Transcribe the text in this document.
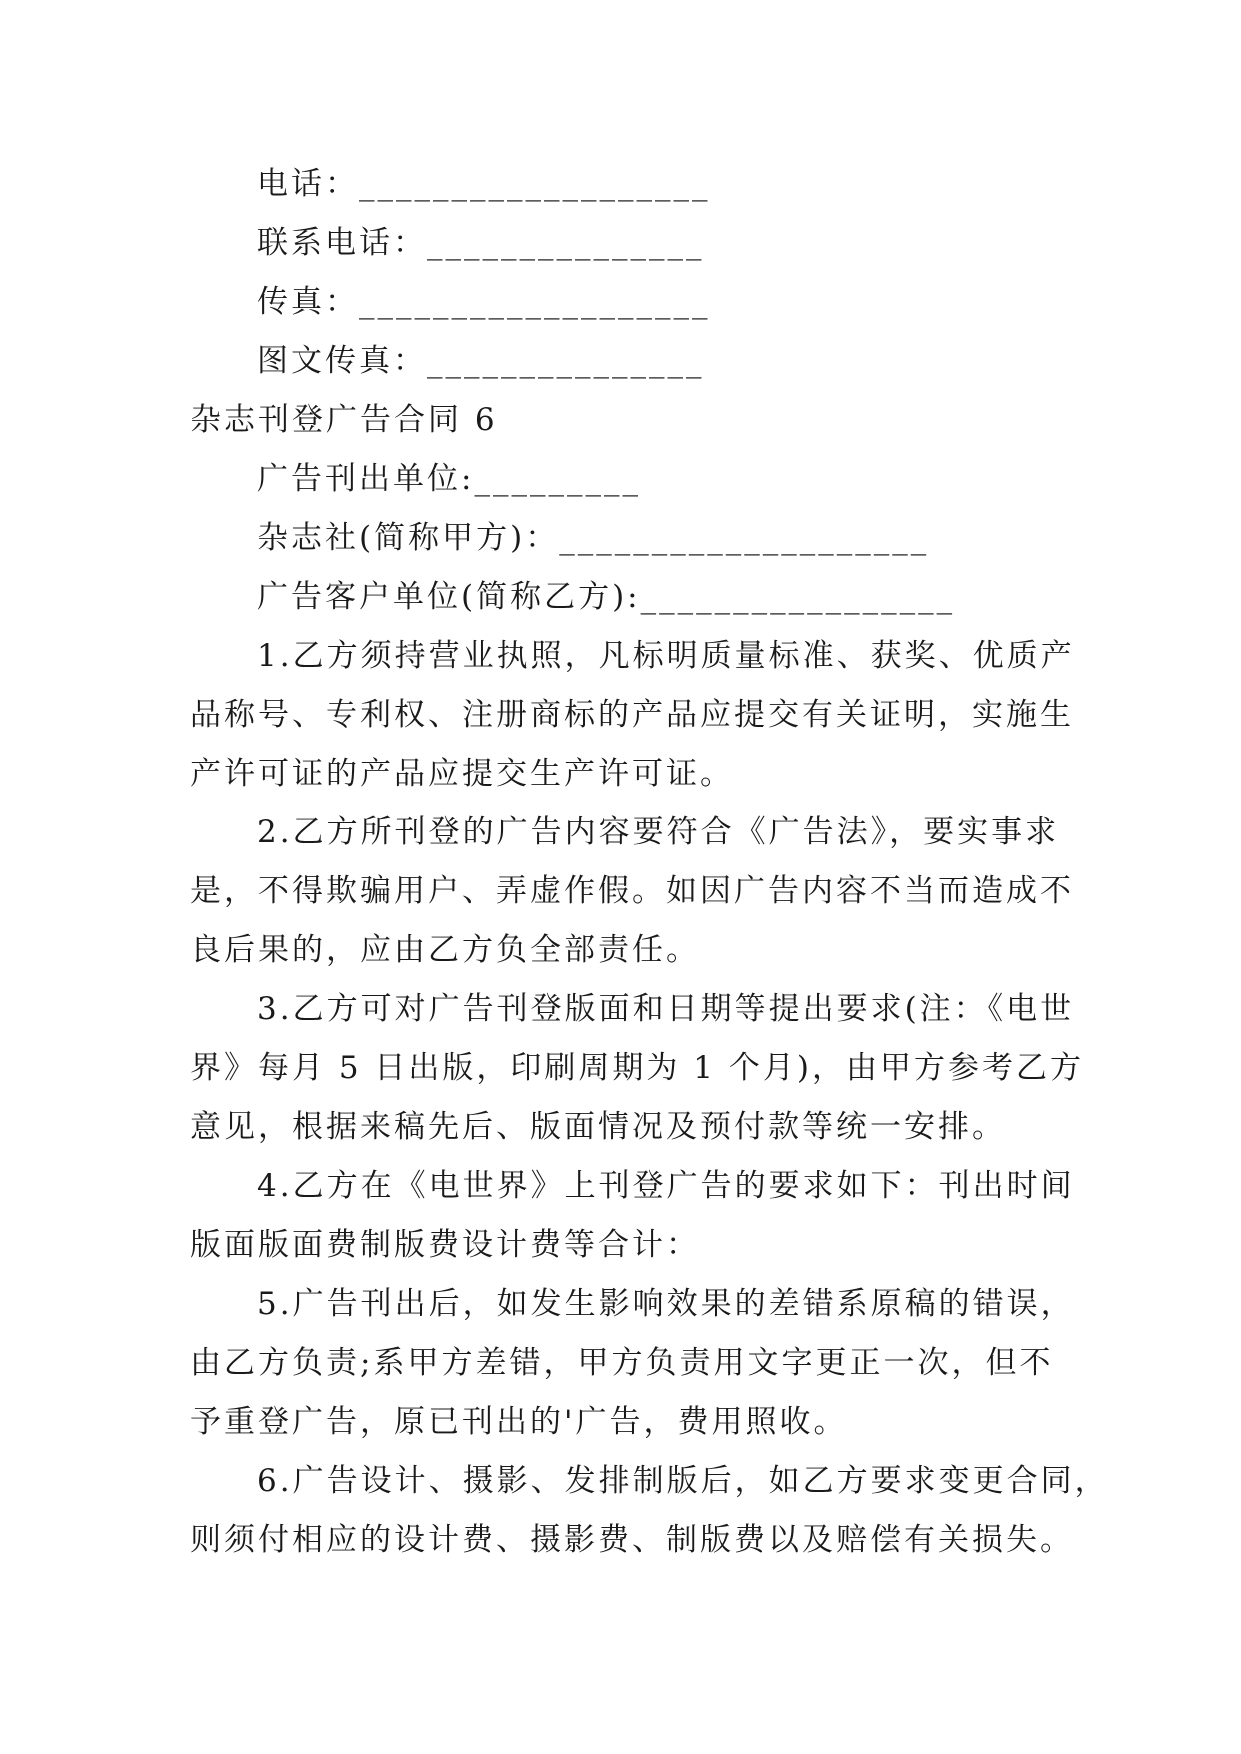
电话：___________________
联系电话：_______________
传真：___________________
图文传真：_______________
杂志刊登广告合同 6
广告刊出单位:_________
杂志社(简称甲方)：____________________
广告客户单位(简称乙方):_________________
1.乙方须持营业执照，凡标明质量标准、获奖、优质产
品称号、专利权、注册商标的产品应提交有关证明，实施生
产许可证的产品应提交生产许可证。
2.乙方所刊登的广告内容要符合《广告法》，要实事求
是，不得欺骗用户、弄虚作假。如因广告内容不当而造成不
良后果的，应由乙方负全部责任。
3.乙方可对广告刊登版面和日期等提出要求(注：《电世
界》每月 5 日出版，印刷周期为 1 个月)，由甲方参考乙方
意见，根据来稿先后、版面情况及预付款等统一安排。
4.乙方在《电世界》上刊登广告的要求如下：刊出时间
版面版面费制版费设计费等合计：
5.广告刊出后，如发生影响效果的差错系原稿的错误，
由乙方负责;系甲方差错，甲方负责用文字更正一次，但不
予重登广告，原已刊出的'广告，费用照收。
6.广告设计、摄影、发排制版后，如乙方要求变更合同，
则须付相应的设计费、摄影费、制版费以及赔偿有关损失。
